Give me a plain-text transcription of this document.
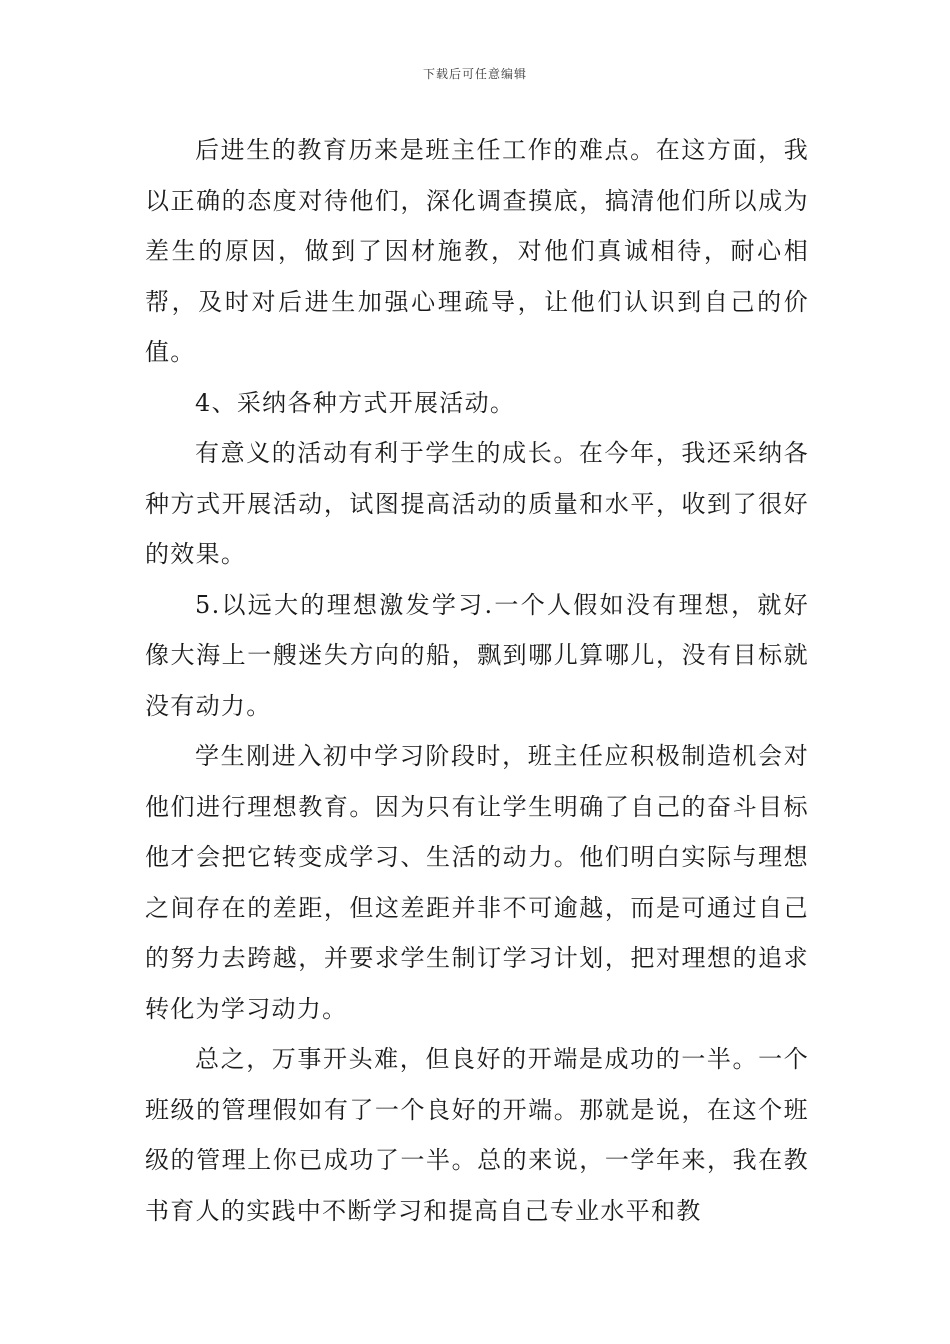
下载后可任意编辑

后进生的教育历来是班主任工作的难点。在这方面，我以正确的态度对待他们，深化调查摸底，搞清他们所以成为差生的原因，做到了因材施教，对他们真诚相待，耐心相帮，及时对后进生加强心理疏导，让他们认识到自己的价值。

4、采纳各种方式开展活动。

有意义的活动有利于学生的成长。在今年，我还采纳各种方式开展活动，试图提高活动的质量和水平，收到了很好的效果。

5.以远大的理想激发学习.一个人假如没有理想，就好像大海上一艘迷失方向的船，飘到哪儿算哪儿，没有目标就没有动力。

学生刚进入初中学习阶段时，班主任应积极制造机会对他们进行理想教育。因为只有让学生明确了自己的奋斗目标他才会把它转变成学习、生活的动力。他们明白实际与理想之间存在的差距，但这差距并非不可逾越，而是可通过自己的努力去跨越，并要求学生制订学习计划，把对理想的追求转化为学习动力。

总之，万事开头难，但良好的开端是成功的一半。一个班级的管理假如有了一个良好的开端。那就是说，在这个班级的管理上你已成功了一半。总的来说，一学年来，我在教书育人的实践中不断学习和提高自己专业水平和教
